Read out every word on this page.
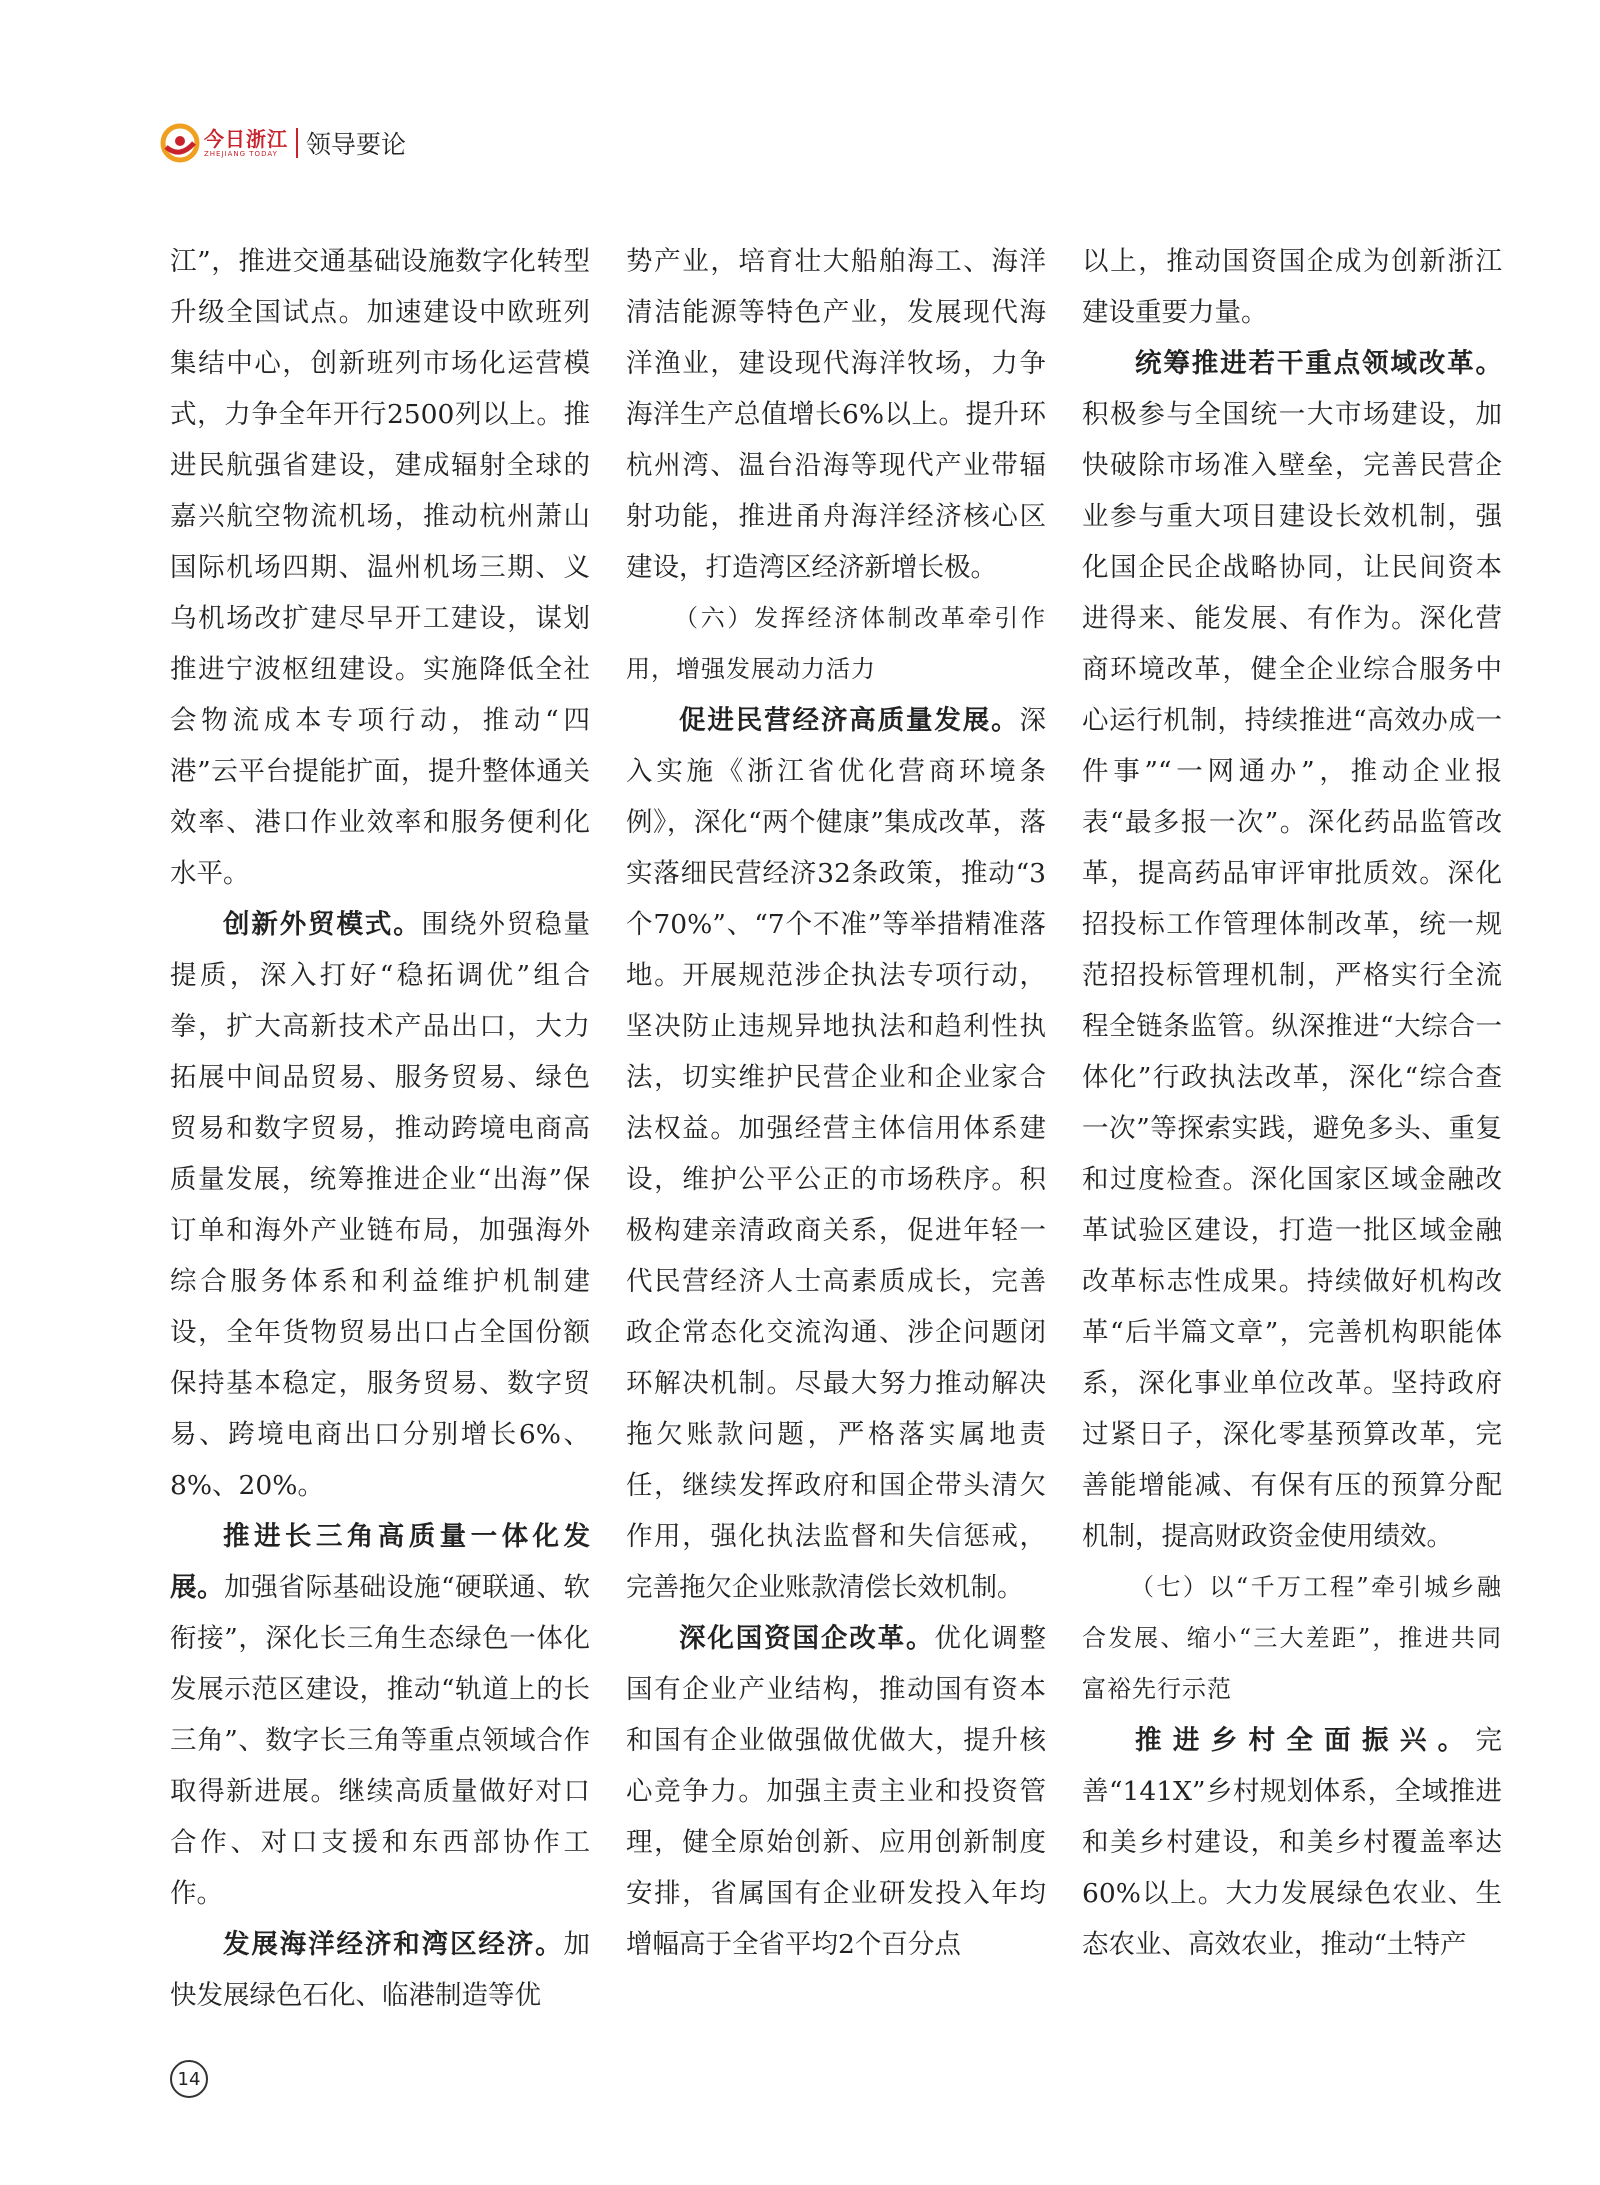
今日浙江
ZHEJIANG TODAY	领导要论

江”，推进交通基础设施数字化转型升级全国试点。加速建设中欧班列集结中心，创新班列市场化运营模式，力争全年开行2500列以上。推进民航强省建设，建成辐射全球的嘉兴航空物流机场，推动杭州萧山国际机场四期、温州机场三期、义乌机场改扩建尽早开工建设，谋划推进宁波枢纽建设。实施降低全社会物流成本专项行动，推动“四港”云平台提能扩面，提升整体通关效率、港口作业效率和服务便利化水平。

创新外贸模式。围绕外贸稳量提质，深入打好“稳拓调优”组合拳，扩大高新技术产品出口，大力拓展中间品贸易、服务贸易、绿色贸易和数字贸易，推动跨境电商高质量发展，统筹推进企业“出海”保订单和海外产业链布局，加强海外综合服务体系和利益维护机制建设，全年货物贸易出口占全国份额保持基本稳定，服务贸易、数字贸易、跨境电商出口分别增长6%、8%、20%。

推进长三角高质量一体化发展。加强省际基础设施“硬联通、软衔接”，深化长三角生态绿色一体化发展示范区建设，推动“轨道上的长三角”、数字长三角等重点领域合作取得新进展。继续高质量做好对口合作、对口支援和东西部协作工作。

发展海洋经济和湾区经济。加快发展绿色石化、临港制造等优

势产业，培育壮大船舶海工、海洋清洁能源等特色产业，发展现代海洋渔业，建设现代海洋牧场，力争海洋生产总值增长6%以上。提升环杭州湾、温台沿海等现代产业带辐射功能，推进甬舟海洋经济核心区建设，打造湾区经济新增长极。

（六）发挥经济体制改革牵引作用，增强发展动力活力

促进民营经济高质量发展。深入实施《浙江省优化营商环境条例》，深化“两个健康”集成改革，落实落细民营经济32条政策，推动“3个70%”、“7个不准”等举措精准落地。开展规范涉企执法专项行动，坚决防止违规异地执法和趋利性执法，切实维护民营企业和企业家合法权益。加强经营主体信用体系建设，维护公平公正的市场秩序。积极构建亲清政商关系，促进年轻一代民营经济人士高素质成长，完善政企常态化交流沟通、涉企问题闭环解决机制。尽最大努力推动解决拖欠账款问题，严格落实属地责任，继续发挥政府和国企带头清欠作用，强化执法监督和失信惩戒，完善拖欠企业账款清偿长效机制。

深化国资国企改革。优化调整国有企业产业结构，推动国有资本和国有企业做强做优做大，提升核心竞争力。加强主责主业和投资管理，健全原始创新、应用创新制度安排，省属国有企业研发投入年均增幅高于全省平均2个百分点

以上，推动国资国企成为创新浙江建设重要力量。

统筹推进若干重点领域改革。积极参与全国统一大市场建设，加快破除市场准入壁垒，完善民营企业参与重大项目建设长效机制，强化国企民企战略协同，让民间资本进得来、能发展、有作为。深化营商环境改革，健全企业综合服务中心运行机制，持续推进“高效办成一件事”“一网通办”，推动企业报表“最多报一次”。深化药品监管改革，提高药品审评审批质效。深化招投标工作管理体制改革，统一规范招投标管理机制，严格实行全流程全链条监管。纵深推进“大综合一体化”行政执法改革，深化“综合查一次”等探索实践，避免多头、重复和过度检查。深化国家区域金融改革试验区建设，打造一批区域金融改革标志性成果。持续做好机构改革“后半篇文章”，完善机构职能体系，深化事业单位改革。坚持政府过紧日子，深化零基预算改革，完善能增能减、有保有压的预算分配机制，提高财政资金使用绩效。

（七）以“千万工程”牵引城乡融合发展、缩小“三大差距”，推进共同富裕先行示范

推进乡村全面振兴。完善“141X”乡村规划体系，全域推进和美乡村建设，和美乡村覆盖率达60%以上。大力发展绿色农业、生态农业、高效农业，推动“土特产

14
